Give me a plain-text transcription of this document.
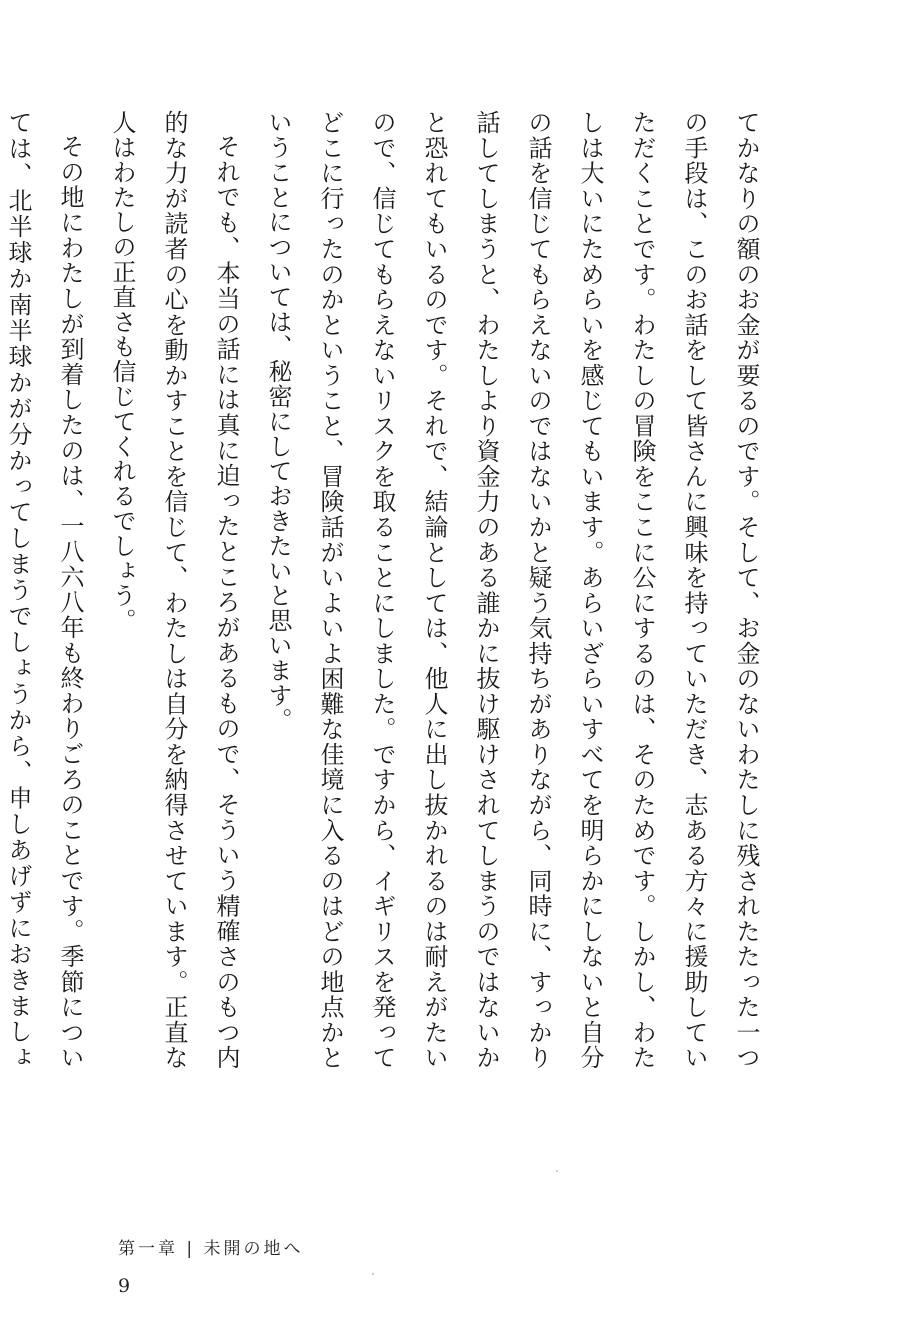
てかなりの額のお金が要るのです。そして、お金のないわたしに残されたたった一つの手段は、このお話をして皆さんに興味を持っていただき、志ある方々に援助していただくことです。わたしの冒険をここに公にするのは、そのためです。しかし、わたしは大いにためらいを感じてもいます。あらいざらいすべてを明らかにしないと自分の話を信じてもらえないのではないかと疑う気持ちがありながら、同時に、すっかり話してしまうと、わたしより資金力のある誰かに抜け駆けされてしまうのではないかと恐れてもいるのです。それで、結論としては、他人に出し抜かれるのは耐えがたいので、信じてもらえないリスクを取ることにしました。ですから、イギリスを発ってどこに行ったのかということ、冒険話がいよいよ困難な佳境に入るのはどの地点かということについては、秘密にしておきたいと思います。

それでも、本当の話には真に迫ったところがあるもので、そういう精確さのもつ内的な力が読者の心を動かすことを信じて、わたしは自分を納得させています。正直な人はわたしの正直さも信じてくれるでしょう。

その地にわたしが到着したのは、一八六八年も終わりごろのことです。季節については、北半球か南半球かが分かってしまうでしょうから、申しあげずにおきましょ

第一章 | 未開の地へ
9
